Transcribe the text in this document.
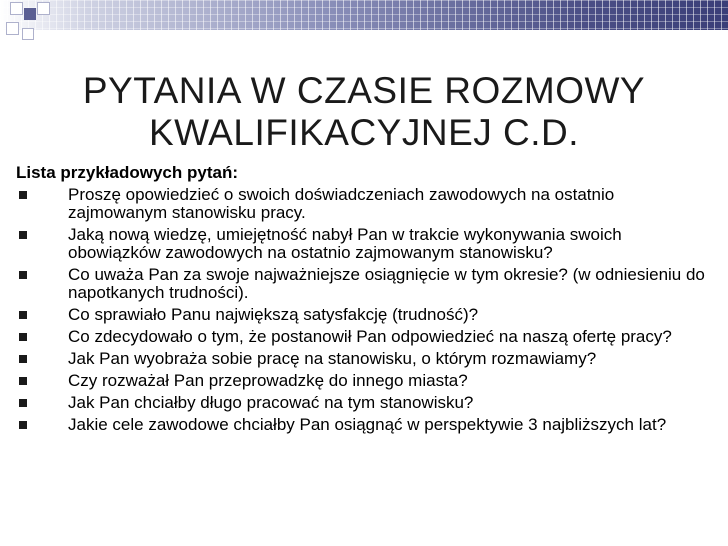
PYTANIA W CZASIE ROZMOWY
KWALIFIKACYJNEJ C.D.
Lista przykładowych pytań:
Proszę opowiedzieć o swoich doświadczeniach zawodowych na ostatnio zajmowanym stanowisku pracy.
Jaką nową wiedzę, umiejętność nabył Pan w trakcie wykonywania swoich obowiązków zawodowych na ostatnio zajmowanym stanowisku?
Co uważa Pan za swoje najważniejsze osiągnięcie w tym okresie? (w odniesieniu do napotkanych trudności).
Co sprawiało Panu największą satysfakcję (trudność)?
Co zdecydowało o tym, że postanowił Pan odpowiedzieć na naszą ofertę pracy?
Jak Pan wyobraża sobie pracę na stanowisku, o którym rozmawiamy?
Czy rozważał Pan przeprowadzkę do innego miasta?
Jak Pan chciałby długo pracować na tym stanowisku?
Jakie cele zawodowe chciałby Pan osiągnąć w perspektywie 3 najbliższych lat?
